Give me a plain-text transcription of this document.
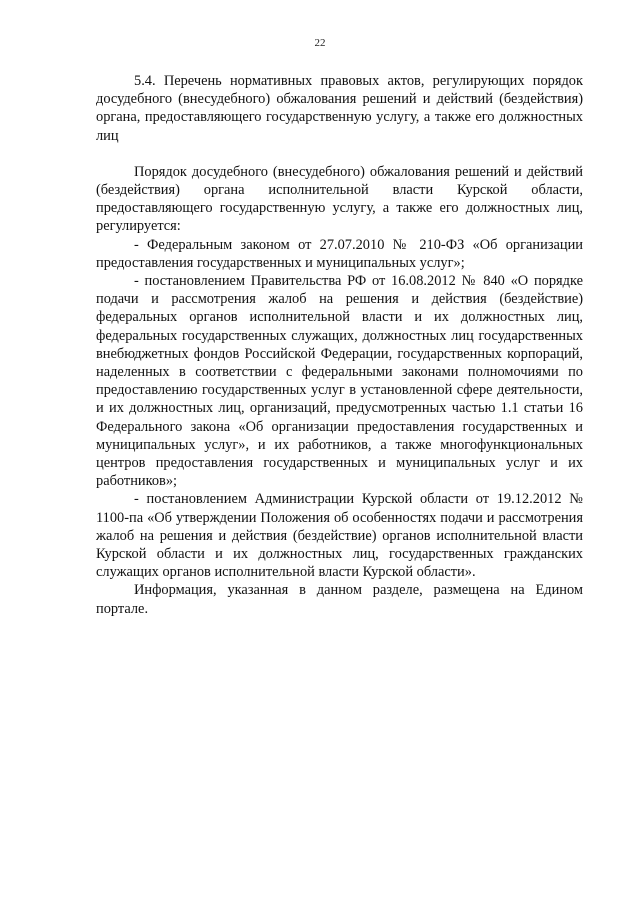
22

5.4. Перечень нормативных правовых актов, регулирующих порядок досудебного (внесудебного) обжалования решений и действий (бездействия) органа, предоставляющего государственную услугу, а также его должностных лиц

Порядок досудебного (внесудебного) обжалования решений и действий (бездействия) органа исполнительной власти Курской области, предоставляющего государственную услугу, а также его должностных лиц, регулируется:

- Федеральным законом от 27.07.2010 № 210-ФЗ «Об организации предоставления государственных и муниципальных услуг»;

- постановлением Правительства РФ от 16.08.2012 № 840 «О порядке подачи и рассмотрения жалоб на решения и действия (бездействие) федеральных органов исполнительной власти и их должностных лиц, федеральных государственных служащих, должностных лиц государственных внебюджетных фондов Российской Федерации, государственных корпораций, наделенных в соответствии с федеральными законами полномочиями по предоставлению государственных услуг в установленной сфере деятельности, и их должностных лиц, организаций, предусмотренных частью 1.1 статьи 16 Федерального закона «Об организации предоставления государственных и муниципальных услуг», и их работников, а также многофункциональных центров предоставления государственных и муниципальных услуг и их работников»;

- постановлением Администрации Курской области от 19.12.2012 № 1100-па «Об утверждении Положения об особенностях подачи и рассмотрения жалоб на решения и действия (бездействие) органов исполнительной власти Курской области и их должностных лиц, государственных гражданских служащих органов исполнительной власти Курской области».

Информация, указанная в данном разделе, размещена на Едином портале.
